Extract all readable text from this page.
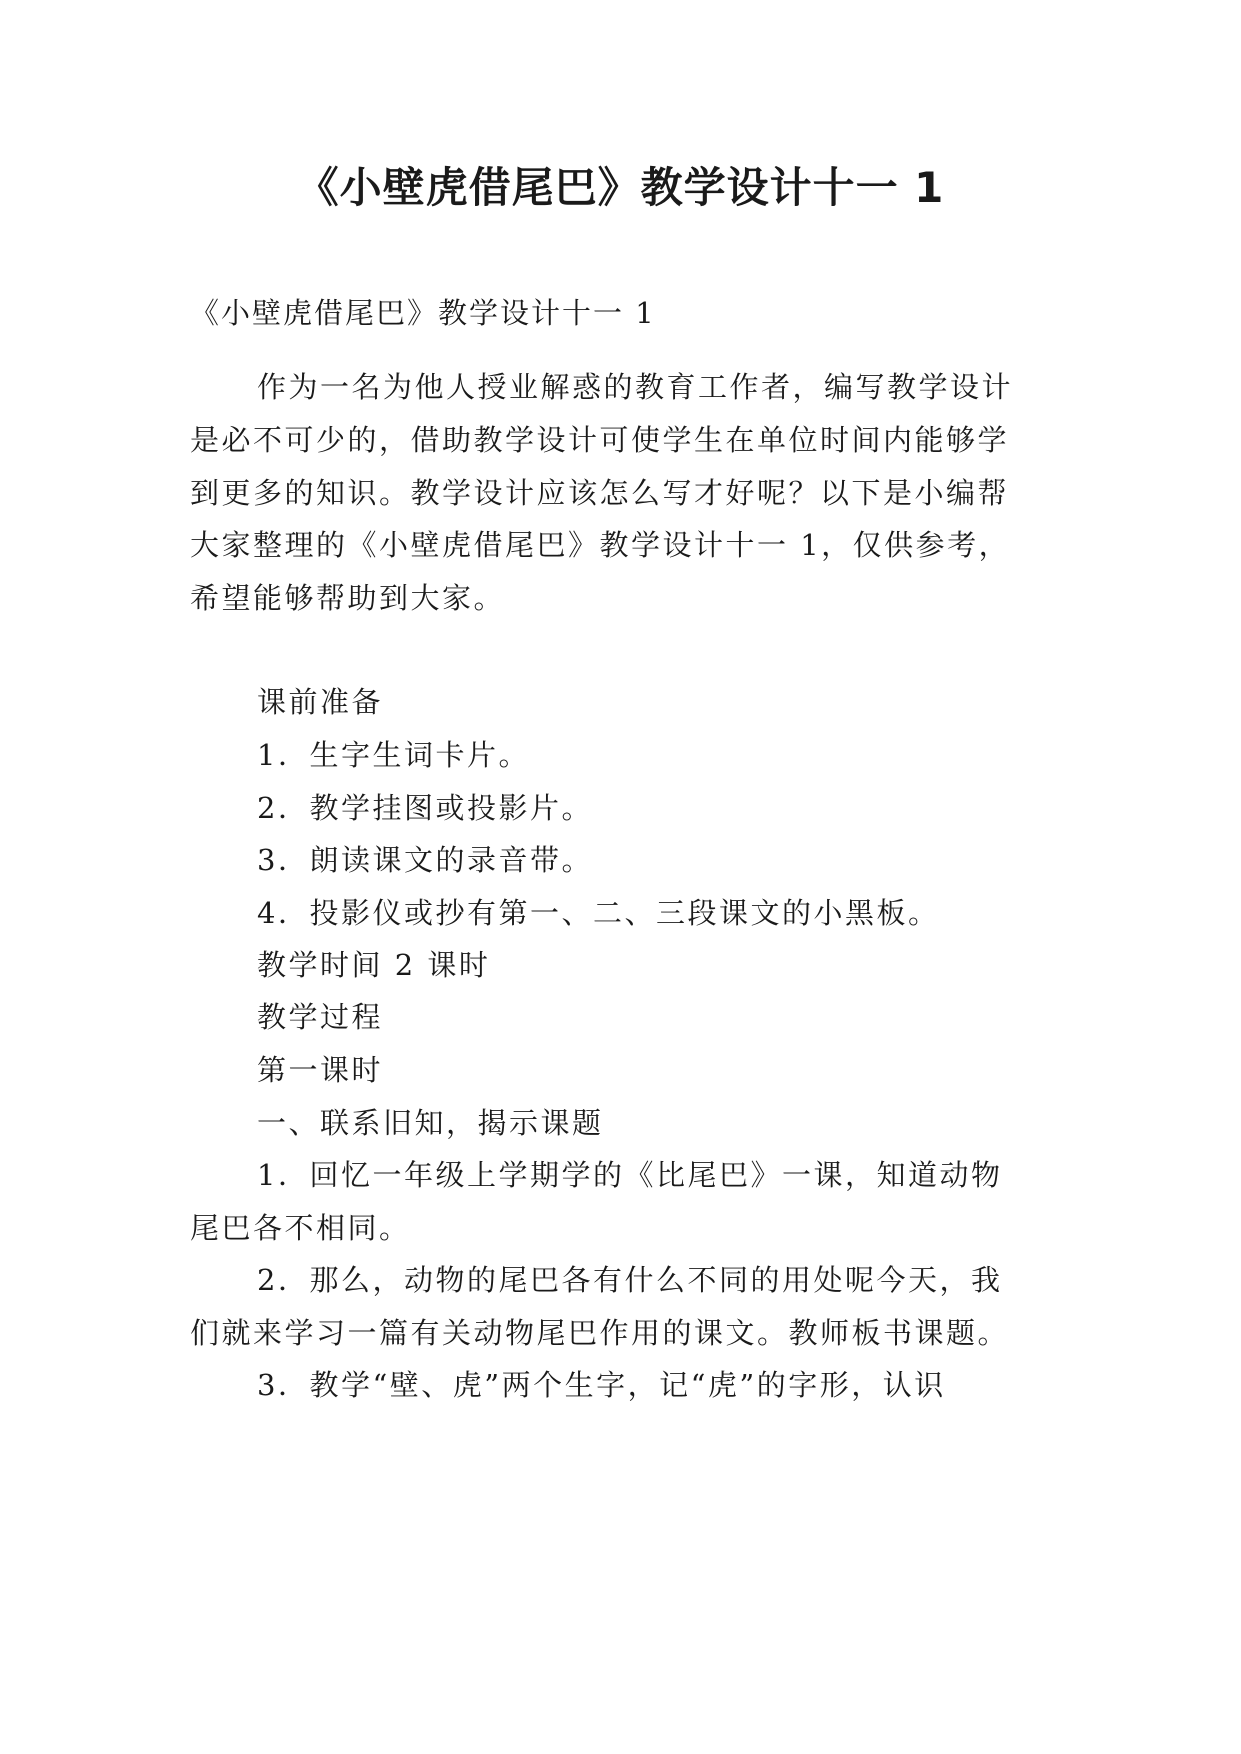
《小壁虎借尾巴》教学设计十一 1

《小壁虎借尾巴》教学设计十一 1

作为一名为他人授业解惑的教育工作者，编写教学设计

是必不可少的，借助教学设计可使学生在单位时间内能够学

到更多的知识。教学设计应该怎么写才好呢？以下是小编帮

大家整理的《小壁虎借尾巴》教学设计十一 1，仅供参考，

希望能够帮助到大家。

课前准备

1．生字生词卡片。

2．教学挂图或投影片。

3．朗读课文的录音带。

4．投影仪或抄有第一、二、三段课文的小黑板。

教学时间 2 课时

教学过程

第一课时

一、联系旧知，揭示课题

1．回忆一年级上学期学的《比尾巴》一课，知道动物

尾巴各不相同。

2．那么，动物的尾巴各有什么不同的用处呢今天，我

们就来学习一篇有关动物尾巴作用的课文。教师板书课题。

3．教学“壁、虎”两个生字，记“虎”的字形，认识
